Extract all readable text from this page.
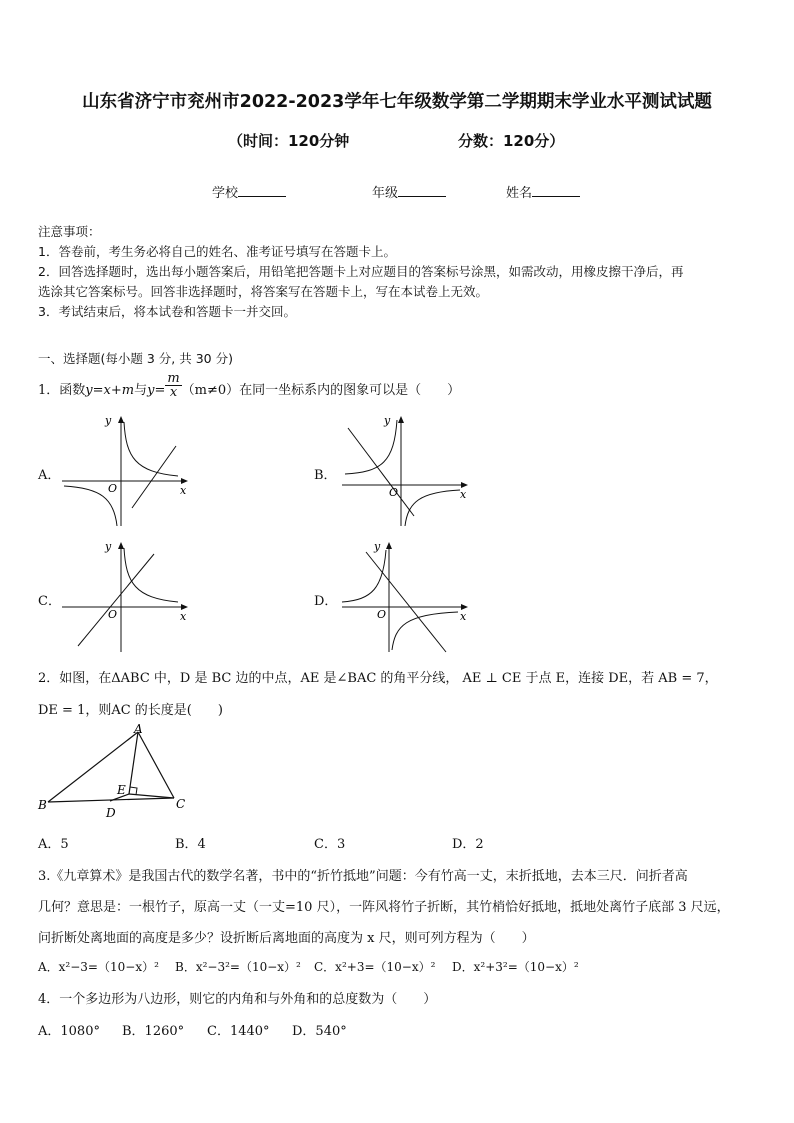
山东省济宁市兖州市2022-2023学年七年级数学第二学期期末学业水平测试试题
（时间：120分钟	分数：120分）
学校	年级	姓名
注意事项：
1．答卷前，考生务必将自己的姓名、准考证号填写在答题卡上。
2．回答选择题时，选出每小题答案后，用铅笔把答题卡上对应题目的答案标号涂黑，如需改动，用橡皮擦干净后，再
选涂其它答案标号。回答非选择题时，将答案写在答题卡上，写在本试卷上无效。
3．考试结束后，将本试卷和答题卡一并交回。
一、选择题(每小题 3 分, 共 30 分)
1．函数y=x+m与$y= \frac{m}{x} (m\ne 0)$在同一坐标系内的图象可以是（　　）
A．	B．
C．	D．
y
x
O
y
x
O
y
x
O
y
x
O
2．如图，在ΔABC 中，D 是 BC 边的中点，AE 是∠BAC 的角平分线， AE ⊥ CE 于点 E，连接 DE，若 AB = 7，
DE = 1，则AC 的长度是(　　)
A
B	C
D
E
A．5	B．4	C．3	D．2
3.《九章算术》是我国古代的数学名著，书中的“折竹抵地”问题：今有竹高一丈，末折抵地，去本三尺．问折者高
几何？意思是：一根竹子，原高一丈（一丈=10 尺），一阵风将竹子折断，其竹梢恰好抵地，抵地处离竹子底部 3 尺远，
问折断处离地面的高度是多少？设折断后离地面的高度为 x 尺，则可列方程为（　　）
A．x²−3=（10−x）² B．x²−3²=（10−x）² C．x²+3=（10−x）² D．x²+3²=（10−x）²
4．一个多边形为八边形，则它的内角和与外角和的总度数为（　　）
A．1080° B．1260° C．1440° D．540°
